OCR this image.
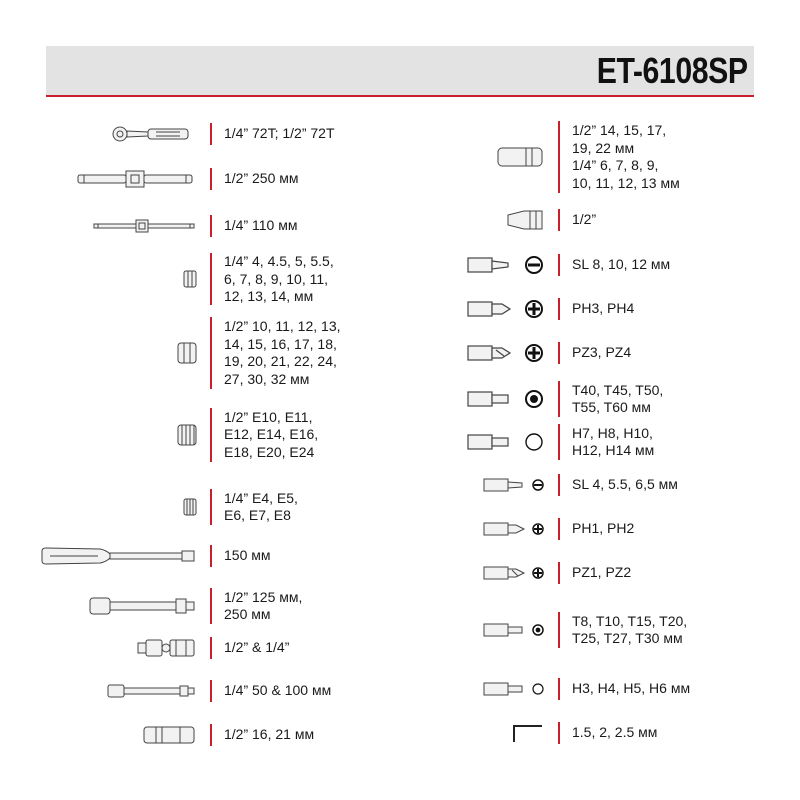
ET-6108SP
1/4” 72T; 1/2” 72T
1/2” 250 мм
1/4” 110 мм
1/4” 4, 4.5, 5, 5.5,
6, 7, 8, 9, 10, 11,
12, 13, 14, мм
1/2” 10, 11, 12, 13,
14, 15, 16, 17, 18,
19, 20, 21, 22, 24,
27, 30, 32 мм
1/2” E10, E11,
E12, E14, E16,
E18, E20, E24
1/4” E4, E5,
E6, E7, E8
150 мм
1/2” 125 мм,
250 мм
1/2” & 1/4”
1/4” 50 & 100 мм
1/2” 16, 21 мм
1/2” 14, 15, 17,
19, 22 мм
1/4” 6, 7, 8, 9,
10, 11, 12, 13 мм
1/2”
SL 8, 10, 12 мм
PH3, PH4
PZ3, PZ4
T40, T45, T50,
T55, T60 мм
H7, H8, H10,
H12, H14 мм
SL 4, 5.5, 6,5 мм
PH1, PH2
PZ1, PZ2
T8, T10, T15, T20,
T25, T27, T30 мм
H3, H4, H5, H6 мм
1.5, 2, 2.5 мм
